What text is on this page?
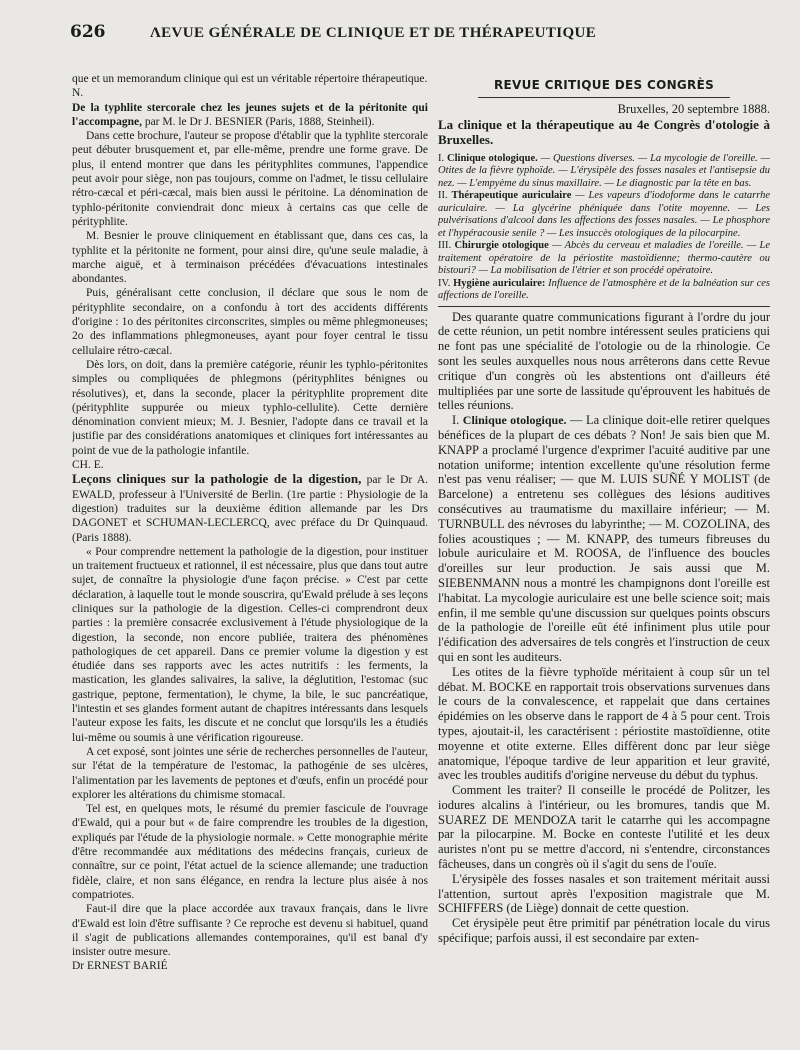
626	ΛEVUE GÉNÉRALE DE CLINIQUE ET DE THÉRAPEUTIQUE

que et un memorandum clinique qui est un véritable répertoire thérapeutique.

N.

De la typhlite stercorale chez les jeunes sujets et de la péritonite qui l'accompagne, par M. le Dr J. BESNIER (Paris, 1888, Steinheil).

Dans cette brochure, l'auteur se propose d'établir que la typhlite stercorale peut débuter brusquement et, par elle-même, prendre une forme grave. De plus, il entend montrer que dans les pérityphlites communes, l'appendice peut avoir pour siège, non pas toujours, comme on l'admet, le tissu cellulaire rétro-cæcal et péri-cæcal, mais bien aussi le péritoine. La dénomination de typhlo-péritonite conviendrait donc mieux à certains cas que celle de pérityphlite.

M. Besnier le prouve cliniquement en établissant que, dans ces cas, la typhlite et la péritonite ne forment, pour ainsi dire, qu'une seule maladie, à marche aiguë, et à terminaison précédées d'évacuations intestinales abondantes.

Puis, généralisant cette conclusion, il déclare que sous le nom de pérityphlite secondaire, on a confondu à tort des accidents différents d'origine : 1o des péritonites circonscrites, simples ou même phlegmoneuses; 2o des inflammations phlegmoneuses, ayant pour foyer central le tissu cellulaire rétro-cæcal.

Dès lors, on doit, dans la première catégorie, réunir les typhlo-péritonites simples ou compliquées de phlegmons (pérityphlites bénignes ou résolutives), et, dans la seconde, placer la pérityphlite proprement dite (pérityphlite suppurée ou mieux typhlo-cellulite). Cette dernière dénomination convient mieux; M. J. Besnier, l'adopte dans ce travail et la justifie par des considérations anatomiques et cliniques fort intéressantes au point de vue de la pathologie infantile.

CH. E.

Leçons cliniques sur la pathologie de la digestion, par le Dr A. EWALD, professeur à l'Université de Berlin. (1re partie : Physiologie de la digestion) traduites sur la deuxième édition allemande par les Drs DAGONET et SCHUMAN-LECLERCQ, avec préface du Dr Quinquaud. (Paris 1888).

« Pour comprendre nettement la pathologie de la digestion, pour instituer un traitement fructueux et rationnel, il est nécessaire, plus que dans tout autre sujet, de connaître la physiologie d'une façon précise. » C'est par cette déclaration, à laquelle tout le monde souscrira, qu'Ewald prélude à ses leçons cliniques sur la pathologie de la digestion. Celles-ci comprendront deux parties : la première consacrée exclusivement à l'étude physiologique de la digestion, la seconde, non encore publiée, traitera des phénomènes pathologiques de cet appareil. Dans ce premier volume la digestion y est étudiée dans ses rapports avec les actes nutritifs : les ferments, la mastication, les glandes salivaires, la salive, la déglutition, l'estomac (suc gastrique, peptone, fermentation), le chyme, la bile, le suc pancréatique, l'intestin et ses glandes forment autant de chapitres intéressants dans lesquels l'auteur expose les faits, les discute et ne conclut que lorsqu'ils les a étudiés lui-même ou soumis à une vérification rigoureuse.

A cet exposé, sont jointes une série de recherches personnelles de l'auteur, sur l'état de la température de l'estomac, la pathogénie de ses ulcères, l'alimentation par les lavements de peptones et d'œufs, enfin un procédé pour explorer les altérations du chimisme stomacal.

Tel est, en quelques mots, le résumé du premier fascicule de l'ouvrage d'Ewald, qui a pour but « de faire comprendre les troubles de la digestion, expliqués par l'étude de la physiologie normale. » Cette monographie mérite d'être recommandée aux méditations des médecins français, curieux de connaître, sur ce point, l'état actuel de la science allemande; une traduction fidèle, claire, et non sans élégance, en rendra la lecture plus aisée à nos compatriotes.

Faut-il dire que la place accordée aux travaux français, dans le livre d'Ewald est loin d'être suffisante ? Ce reproche est devenu si habituel, quand il s'agit de publications allemandes contemporaines, qu'il est banal d'y insister outre mesure.

Dr ERNEST BARIÉ

REVUE CRITIQUE DES CONGRÈS

Bruxelles, 20 septembre 1888.

La clinique et la thérapeutique au 4e Congrès d'otologie à Bruxelles.

I. Clinique otologique. — Questions diverses. — La mycologie de l'oreille. — Otites de la fièvre typhoïde. — L'érysipèle des fosses nasales et l'antisepsie du nez. — L'empyème du sinus maxillaire. — Le diagnostic par la tête en bas.

II. Thérapeutique auriculaire — Les vapeurs d'iodoforme dans le catarrhe auriculaire. — La glycérine phéniquée dans l'otite moyenne. — Les pulvérisations d'alcool dans les affections des fosses nasales. — Le phosphore et l'hypéracousie senile ? — Les insuccès otologiques de la pilocarpine.

III. Chirurgie otologique — Abcès du cerveau et maladies de l'oreille. — Le traitement opératoire de la périostite mastoïdienne; thermo-cautère ou bistouri? — La mobilisation de l'étrier et son procédé opératoire.

IV. Hygiène auriculaire: Influence de l'atmosphère et de la balnéation sur ces affections de l'oreille.

Des quarante quatre communications figurant à l'ordre du jour de cette réunion, un petit nombre intéressent seules praticiens qui ne font pas une spécialité de l'otologie ou de la rhinologie. Ce sont les seules auxquelles nous nous arrêterons dans cette Revue critique d'un congrès où les abstentions ont d'ailleurs été multipliées par une sorte de lassitude qu'éprouvent les habitués de telles réunions.

I. Clinique otologique. — La clinique doit-elle retirer quelques bénéfices de la plupart de ces débats ? Non! Je sais bien que M. KNAPP a proclamé l'urgence d'exprimer l'acuité auditive par une notation uniforme; intention excellente qu'une résolution ferme n'est pas venu réaliser; — que M. LUIS SUÑÉ Y MOLIST (de Barcelone) a entretenu ses collègues des lésions auditives consécutives au traumatisme du maxillaire inférieur; — M. TURNBULL des névroses du labyrinthe; — M. COZOLINA, des folies acoustiques ; — M. KNAPP, des tumeurs fibreuses du lobule auriculaire et M. ROOSA, de l'influence des boucles d'oreilles sur leur production. Je sais aussi que M. SIEBENMANN nous a montré les champignons dont l'oreille est l'habitat. La mycologie auriculaire est une belle science soit; mais enfin, il me semble qu'une discussion sur quelques points obscurs de la pathologie de l'oreille eût été infiniment plus utile pour l'édification des adversaires de tels congrès et l'instruction de ceux qui en sont les auditeurs.

Les otites de la fièvre typhoïde méritaient à coup sûr un tel débat. M. BOCKE en rapportait trois observations survenues dans le cours de la convalescence, et rappelait que dans certaines épidémies on les observe dans le rapport de 4 à 5 pour cent. Trois types, ajoutait-il, les caractérisent : périostite mastoïdienne, otite moyenne et otite externe. Elles diffèrent donc par leur siège anatomique, l'époque tardive de leur apparition et leur gravité, avec les troubles auditifs d'origine nerveuse du début du typhus.

Comment les traiter? Il conseille le procédé de Politzer, les iodures alcalins à l'intérieur, ou les bromures, tandis que M. SUAREZ DE MENDOZA tarit le catarrhe qui les accompagne par la pilocarpine. M. Bocke en conteste l'utilité et les deux auristes n'ont pu se mettre d'accord, ni s'entendre, circonstances fâcheuses, dans un congrès où il s'agit du sens de l'ouïe.

L'érysipèle des fosses nasales et son traitement méritait aussi l'attention, surtout après l'exposition magistrale que M. SCHIFFERS (de Liège) donnait de cette question.

Cet érysipèle peut être primitif par pénétration locale du virus spécifique; parfois aussi, il est secondaire par exten-
